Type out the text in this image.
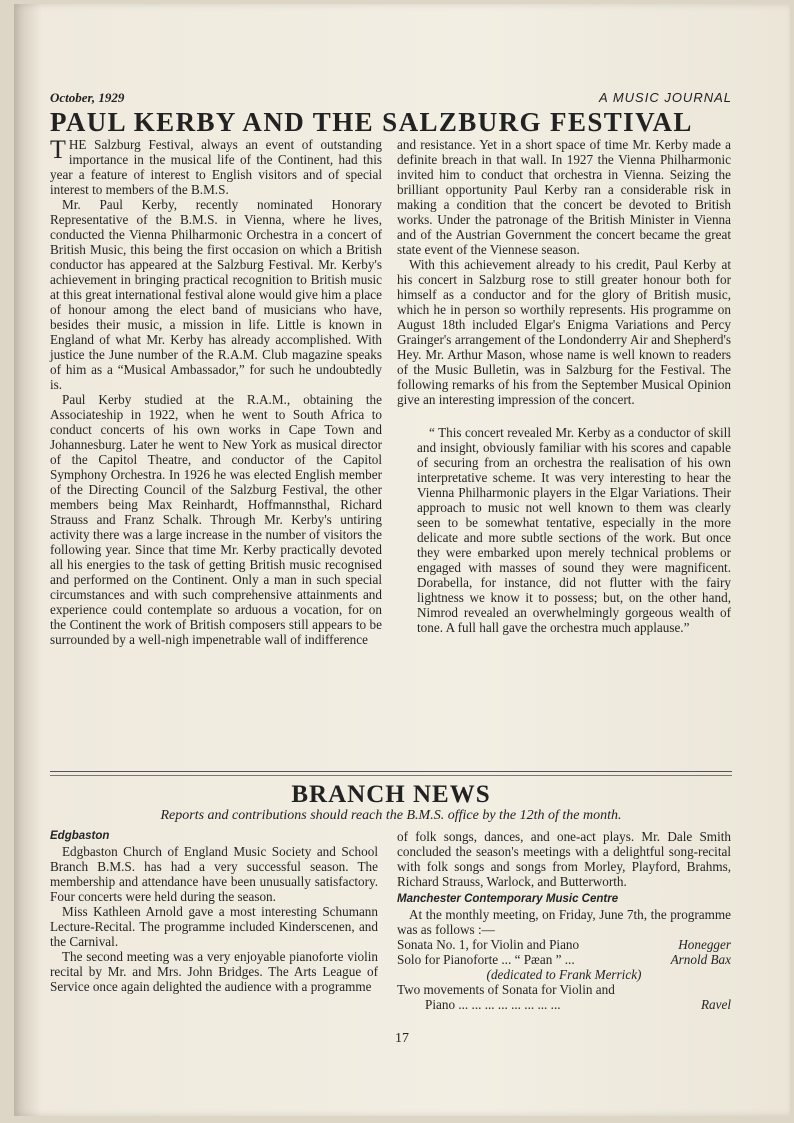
October, 1929	A MUSIC JOURNAL
PAUL KERBY AND THE SALZBURG FESTIVAL

THE Salzburg Festival, always an event of outstanding importance in the musical life of the Continent, had this year a feature of interest to English visitors and of special interest to members of the B.M.S.

Mr. Paul Kerby, recently nominated Honorary Representative of the B.M.S. in Vienna, where he lives, conducted the Vienna Philharmonic Orchestra in a concert of British Music, this being the first occasion on which a British conductor has appeared at the Salzburg Festival. Mr. Kerby's achievement in bringing practical recognition to British music at this great international festival alone would give him a place of honour among the elect band of musicians who have, besides their music, a mission in life. Little is known in England of what Mr. Kerby has already accomplished. With justice the June number of the R.A.M. Club magazine speaks of him as a “Musical Ambassador,” for such he undoubtedly is.

Paul Kerby studied at the R.A.M., obtaining the Associateship in 1922, when he went to South Africa to conduct concerts of his own works in Cape Town and Johannesburg. Later he went to New York as musical director of the Capitol Theatre, and conductor of the Capitol Symphony Orchestra. In 1926 he was elected English member of the Directing Council of the Salzburg Festival, the other members being Max Reinhardt, Hoffmannsthal, Richard Strauss and Franz Schalk. Through Mr. Kerby's untiring activity there was a large increase in the number of visitors the following year. Since that time Mr. Kerby practically devoted all his energies to the task of getting British music recognised and performed on the Continent. Only a man in such special circumstances and with such comprehensive attainments and experience could contemplate so arduous a vocation, for on the Continent the work of British composers still appears to be surrounded by a well-nigh impenetrable wall of indifference

and resistance. Yet in a short space of time Mr. Kerby made a definite breach in that wall. In 1927 the Vienna Philharmonic invited him to conduct that orchestra in Vienna. Seizing the brilliant opportunity Paul Kerby ran a considerable risk in making a condition that the concert be devoted to British works. Under the patronage of the British Minister in Vienna and of the Austrian Government the concert became the great state event of the Viennese season.

With this achievement already to his credit, Paul Kerby at his concert in Salzburg rose to still greater honour both for himself as a conductor and for the glory of British music, which he in person so worthily represents. His programme on August 18th included Elgar's Enigma Variations and Percy Grainger's arrangement of the Londonderry Air and Shepherd's Hey. Mr. Arthur Mason, whose name is well known to readers of the Music Bulletin, was in Salzburg for the Festival. The following remarks of his from the September Musical Opinion give an interesting impression of the concert.

“ This concert revealed Mr. Kerby as a conductor of skill and insight, obviously familiar with his scores and capable of securing from an orchestra the realisation of his own interpretative scheme. It was very interesting to hear the Vienna Philharmonic players in the Elgar Variations. Their approach to music not well known to them was clearly seen to be somewhat tentative, especially in the more delicate and more subtle sections of the work. But once they were embarked upon merely technical problems or engaged with masses of sound they were magnificent. Dorabella, for instance, did not flutter with the fairy lightness we know it to possess; but, on the other hand, Nimrod revealed an overwhelmingly gorgeous wealth of tone. A full hall gave the orchestra much applause.”

BRANCH NEWS
Reports and contributions should reach the B.M.S. office by the 12th of the month.

Edgbaston

Edgbaston Church of England Music Society and School Branch B.M.S. has had a very successful season. The membership and attendance have been unusually satisfactory. Four concerts were held during the season.

Miss Kathleen Arnold gave a most interesting Schumann Lecture-Recital. The programme included Kinderscenen, and the Carnival.

The second meeting was a very enjoyable pianoforte violin recital by Mr. and Mrs. John Bridges. The Arts League of Service once again delighted the audience with a programme

of folk songs, dances, and one-act plays. Mr. Dale Smith concluded the season's meetings with a delightful song-recital with folk songs and songs from Morley, Playford, Brahms, Richard Strauss, Warlock, and Butterworth.

Manchester Contemporary Music Centre

At the monthly meeting, on Friday, June 7th, the programme was as follows :—

Sonata No. 1, for Violin and Piano	Honegger
Solo for Pianoforte ... “ Pæan ” ...	Arnold Bax
(dedicated to Frank Merrick)
Two movements of Sonata for Violin and
Piano ... ... ... ... ... ... ... ...	Ravel
17
